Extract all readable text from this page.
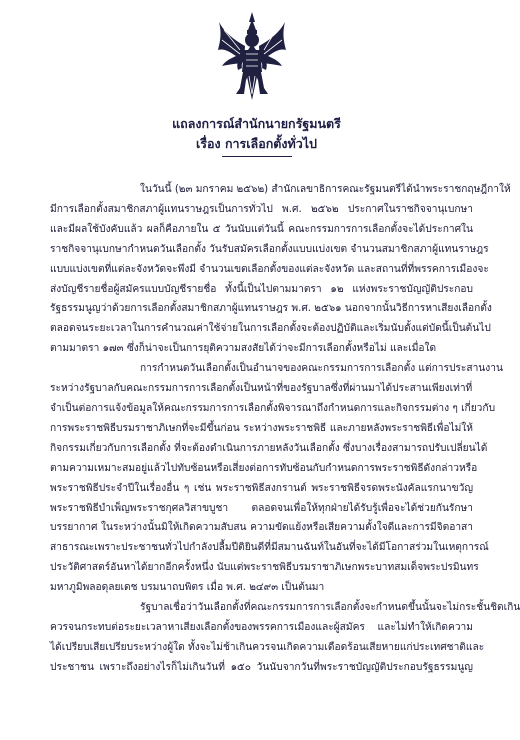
แถลงการณ์สำนักนายกรัฐมนตรี
เรื่อง การเลือกตั้งทั่วไป
ในวันนี้ (๒๓ มกราคม ๒๕๖๒) สำนักเลขาธิการคณะรัฐมนตรีได้นำพระราชกฤษฎีกาให้
มีการเลือกตั้งสมาชิกสภาผู้แทนราษฎรเป็นการทั่วไป พ.ศ. ๒๕๖๒ ประกาศในราชกิจจานุเบกษา
และมีผลใช้บังคับแล้ว ผลก็คือภายใน ๕ วันนับแต่วันนี้ คณะกรรมการการเลือกตั้งจะได้ประกาศใน
ราชกิจจานุเบกษากำหนดวันเลือกตั้ง วันรับสมัครเลือกตั้งแบบแบ่งเขต จำนวนสมาชิกสภาผู้แทนราษฎร
แบบแบ่งเขตที่แต่ละจังหวัดจะพึงมี จำนวนเขตเลือกตั้งของแต่ละจังหวัด และสถานที่ที่พรรคการเมืองจะ
ส่งบัญชีรายชื่อผู้สมัครแบบบัญชีรายชื่อ ทั้งนี้เป็นไปตามมาตรา ๑๒ แห่งพระราชบัญญัติประกอบ
รัฐธรรมนูญว่าด้วยการเลือกตั้งสมาชิกสภาผู้แทนราษฎร พ.ศ. ๒๕๖๑ นอกจากนั้นวิธีการหาเสียงเลือกตั้ง
ตลอดจนระยะเวลาในการคำนวณค่าใช้จ่ายในการเลือกตั้งจะต้องปฏิบัติและเริ่มนับตั้งแต่บัดนี้เป็นต้นไป
ตามมาตรา ๑๗๓ ซึ่งก็น่าจะเป็นการยุติความสงสัยได้ว่าจะมีการเลือกตั้งหรือไม่ และเมื่อใด
การกำหนดวันเลือกตั้งเป็นอำนาจของคณะกรรมการการเลือกตั้ง แต่การประสานงาน
ระหว่างรัฐบาลกับคณะกรรมการการเลือกตั้งเป็นหน้าที่ของรัฐบาลซึ่งที่ผ่านมาได้ประสานเพียงเท่าที่
จำเป็นต่อการแจ้งข้อมูลให้คณะกรรมการการเลือกตั้งพิจารณาถึงกำหนดการและกิจกรรมต่าง ๆ เกี่ยวกับ
การพระราชพิธีบรมราชาภิเษกที่จะมีขึ้นก่อน ระหว่างพระราชพิธี และภายหลังพระราชพิธีเพื่อไม่ให้
กิจกรรมเกี่ยวกับการเลือกตั้ง ที่จะต้องดำเนินการภายหลังวันเลือกตั้ง ซึ่งบางเรื่องสามารถปรับเปลี่ยนได้
ตามความเหมาะสมอยู่แล้วไปทับซ้อนหรือเสี่ยงต่อการทับซ้อนกับกำหนดการพระราชพิธีดังกล่าวหรือ
พระราชพิธีประจำปีในเรื่องอื่น ๆ เช่น พระราชพิธีสงกรานต์ พระราชพิธีจรดพระนังคัลแรกนาขวัญ
พระราชพิธีบำเพ็ญพระราชกุศลวิสาขบูชา ตลอดจนเพื่อให้ทุกฝ่ายได้รับรู้เพื่อจะได้ช่วยกันรักษา
บรรยากาศ ในระหว่างนั้นมิให้เกิดความสับสน ความขัดแย้งหรือเสียความตั้งใจดีและการมีจิตอาสา
สาธารณะเพราะประชาชนทั่วไปกำลังปลื้มปีติยินดีที่มีสมานฉันท์ในอันที่จะได้มีโอกาสร่วมในเหตุการณ์
ประวัติศาสตร์อันหาได้ยากอีกครั้งหนึ่ง นับแต่พระราชพิธีบรมราชาภิเษกพระบาทสมเด็จพระปรมินทร
มหาภูมิพลอดุลยเดช บรมนาถบพิตร เมื่อ พ.ศ. ๒๔๙๓ เป็นต้นมา
รัฐบาลเชื่อว่าวันเลือกตั้งที่คณะกรรมการการเลือกตั้งจะกำหนดขึ้นนั้นจะไม่กระชั้นชิดเกิน
ควรจนกระทบต่อระยะเวลาหาเสียงเลือกตั้งของพรรคการเมืองและผู้สมัคร และไม่ทำให้เกิดความ
ได้เปรียบเสียเปรียบระหว่างผู้ใด ทั้งจะไม่ช้าเกินควรจนเกิดความเดือดร้อนเสียหายแก่ประเทศชาติและ
ประชาชน เพราะถึงอย่างไรก็ไม่เกินวันที่ ๑๕๐ วันนับจากวันที่พระราชบัญญัติประกอบรัฐธรรมนูญ
